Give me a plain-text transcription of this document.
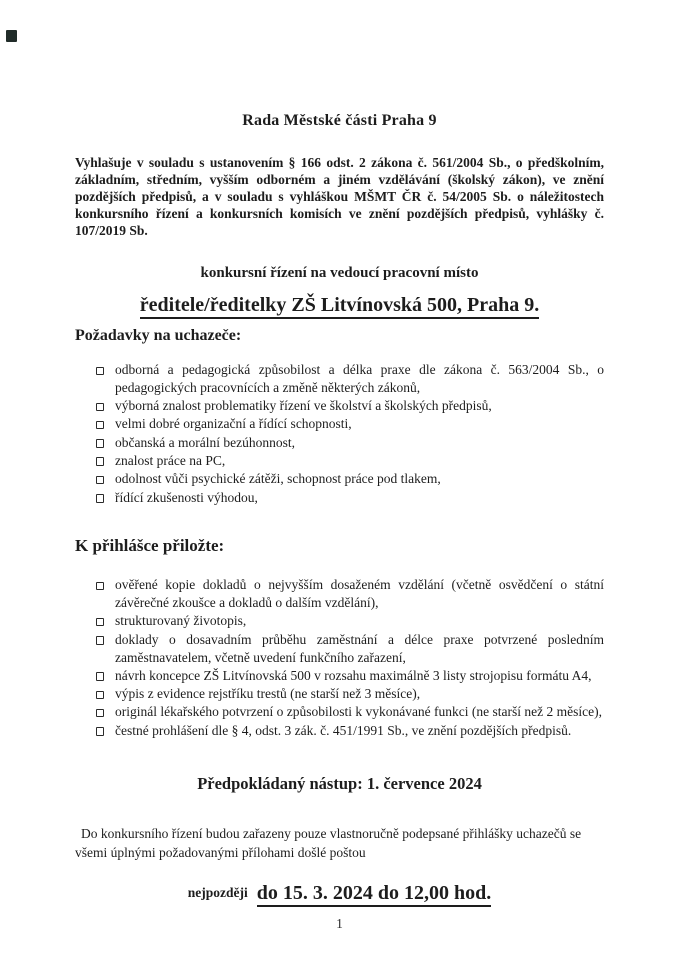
Rada Městské části Praha 9

Vyhlašuje v souladu s ustanovením § 166 odst. 2 zákona č. 561/2004 Sb., o předškolním, základním, středním, vyšším odborném a jiném vzdělávání (školský zákon), ve znění pozdějších předpisů, a v souladu s vyhláškou MŠMT ČR č. 54/2005 Sb. o náležitostech konkursního řízení a konkursních komisích ve znění pozdějších předpisů, vyhlášky č. 107/2019 Sb.

konkursní řízení na vedoucí pracovní místo

ředitele/ředitelky ZŠ Litvínovská 500, Praha 9.

Požadavky na uchazeče:
odborná a pedagogická způsobilost a délka praxe dle zákona č. 563/2004 Sb., o pedagogických pracovnících a změně některých zákonů,
výborná znalost problematiky řízení ve školství a školských předpisů,
velmi dobré organizační a řídící schopnosti,
občanská a morální bezúhonnost,
znalost práce na PC,
odolnost vůči psychické zátěži, schopnost práce pod tlakem,
řídící zkušenosti výhodou,
K přihlášce přiložte:
ověřené kopie dokladů o nejvyšším dosaženém vzdělání (včetně osvědčení o státní závěrečné zkoušce a dokladů o dalším vzdělání),
strukturovaný životopis,
doklady o dosavadním průběhu zaměstnání a délce praxe potvrzené posledním zaměstnavatelem, včetně uvedení funkčního zařazení,
návrh koncepce ZŠ Litvínovská 500 v rozsahu maximálně 3 listy strojopisu formátu A4,
výpis z evidence rejstříku trestů (ne starší než 3 měsíce),
originál lékařského potvrzení o způsobilosti k vykonávané funkci (ne starší než 2 měsíce),
čestné prohlášení dle § 4, odst. 3 zák. č. 451/1991 Sb., ve znění pozdějších předpisů.
Předpokládaný nástup: 1. července 2024

Do konkursního řízení budou zařazeny pouze vlastnoručně podepsané přihlášky uchazečů se všemi úplnými požadovanými přílohami došlé poštou

nejpozději do 15. 3. 2024 do 12,00 hod.
1
